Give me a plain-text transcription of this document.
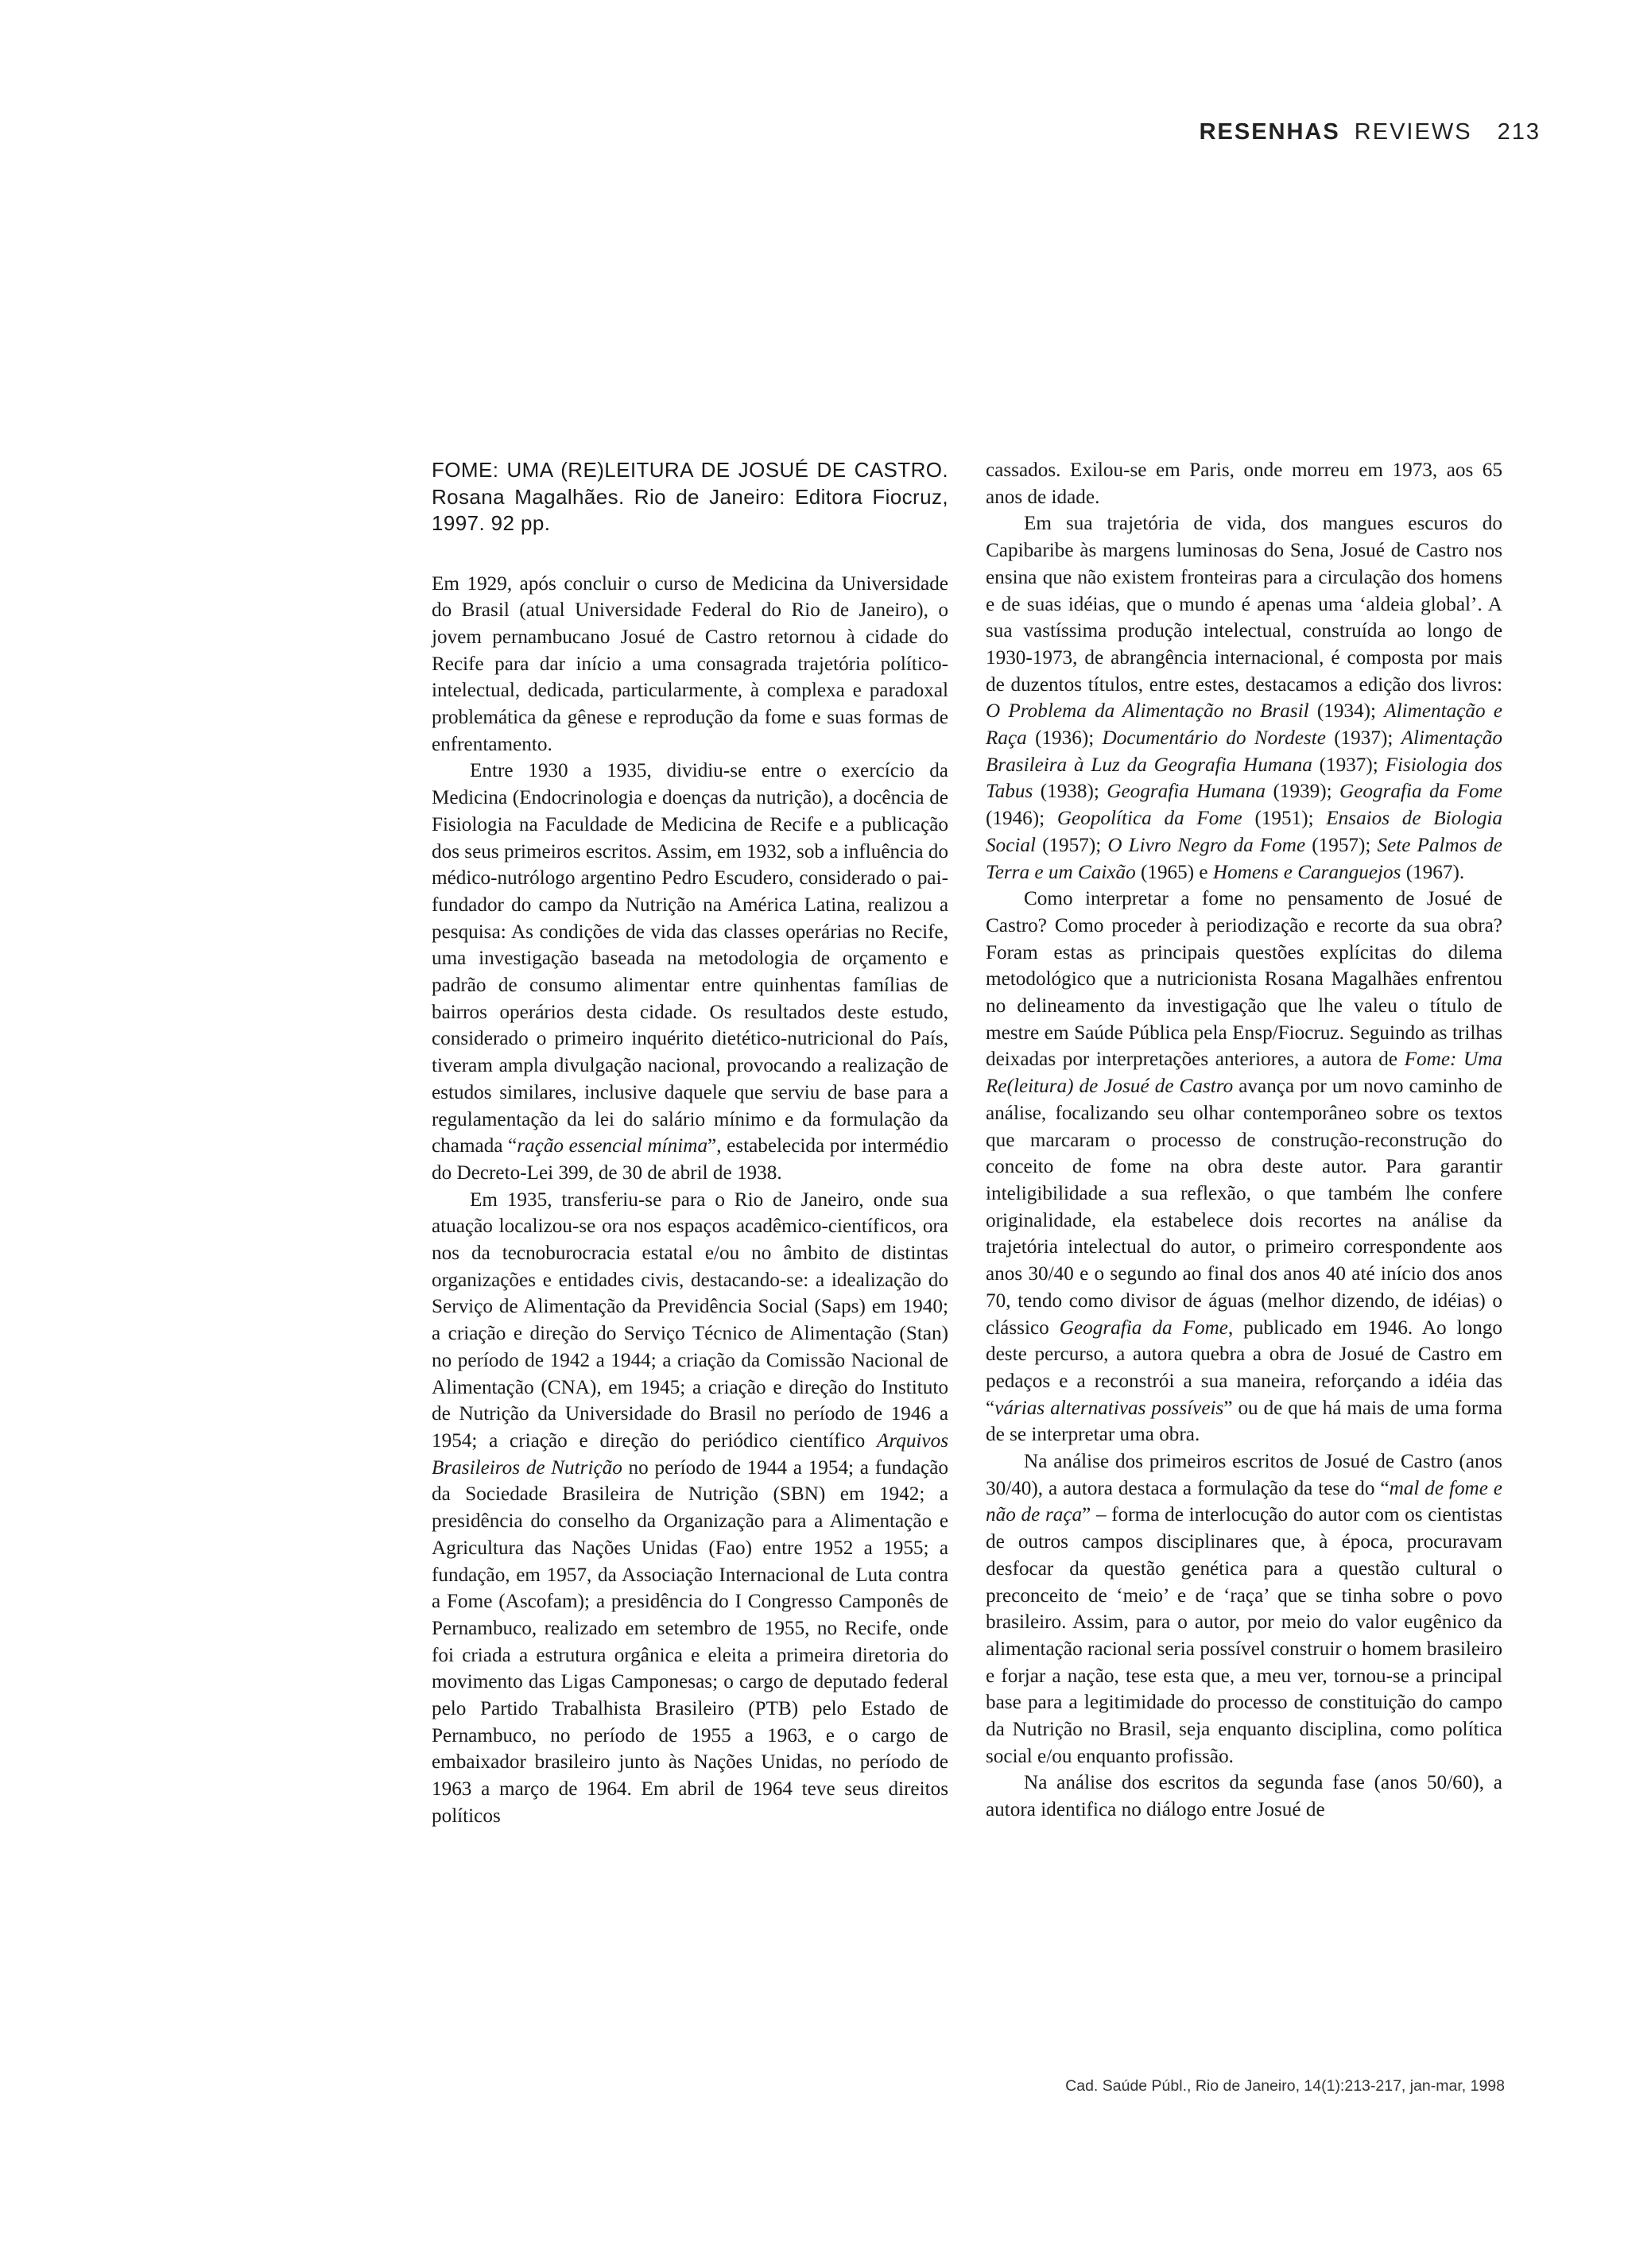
RESENHAS REVIEWS 213
FOME: UMA (RE)LEITURA DE JOSUÉ DE CASTRO. Rosana Magalhães. Rio de Janeiro: Editora Fiocruz, 1997. 92 pp.

Em 1929, após concluir o curso de Medicina da Universidade do Brasil (atual Universidade Federal do Rio de Janeiro), o jovem pernambucano Josué de Castro retornou à cidade do Recife para dar início a uma consagrada trajetória político-intelectual, dedicada, particularmente, à complexa e paradoxal problemática da gênese e reprodução da fome e suas formas de enfrentamento.

Entre 1930 a 1935, dividiu-se entre o exercício da Medicina (Endocrinologia e doenças da nutrição), a docência de Fisiologia na Faculdade de Medicina de Recife e a publicação dos seus primeiros escritos. Assim, em 1932, sob a influência do médico-nutrólogo argentino Pedro Escudero, considerado o pai-fundador do campo da Nutrição na América Latina, realizou a pesquisa: As condições de vida das classes operárias no Recife, uma investigação baseada na metodologia de orçamento e padrão de consumo alimentar entre quinhentas famílias de bairros operários desta cidade. Os resultados deste estudo, considerado o primeiro inquérito dietético-nutricional do País, tiveram ampla divulgação nacional, provocando a realização de estudos similares, inclusive daquele que serviu de base para a regulamentação da lei do salário mínimo e da formulação da chamada “ração essencial mínima”, estabelecida por intermédio do Decreto-Lei 399, de 30 de abril de 1938.

Em 1935, transferiu-se para o Rio de Janeiro, onde sua atuação localizou-se ora nos espaços acadêmico-científicos, ora nos da tecnoburocracia estatal e/ou no âmbito de distintas organizações e entidades civis, destacando-se: a idealização do Serviço de Alimentação da Previdência Social (Saps) em 1940; a criação e direção do Serviço Técnico de Alimentação (Stan) no período de 1942 a 1944; a criação da Comissão Nacional de Alimentação (CNA), em 1945; a criação e direção do Instituto de Nutrição da Universidade do Brasil no período de 1946 a 1954; a criação e direção do periódico científico Arquivos Brasileiros de Nutrição no período de 1944 a 1954; a fundação da Sociedade Brasileira de Nutrição (SBN) em 1942; a presidência do conselho da Organização para a Alimentação e Agricultura das Nações Unidas (Fao) entre 1952 a 1955; a fundação, em 1957, da Associação Internacional de Luta contra a Fome (Ascofam); a presidência do I Congresso Camponês de Pernambuco, realizado em setembro de 1955, no Recife, onde foi criada a estrutura orgânica e eleita a primeira diretoria do movimento das Ligas Camponesas; o cargo de deputado federal pelo Partido Trabalhista Brasileiro (PTB) pelo Estado de Pernambuco, no período de 1955 a 1963, e o cargo de embaixador brasileiro junto às Nações Unidas, no período de 1963 a março de 1964. Em abril de 1964 teve seus direitos políticos

cassados. Exilou-se em Paris, onde morreu em 1973, aos 65 anos de idade.

Em sua trajetória de vida, dos mangues escuros do Capibaribe às margens luminosas do Sena, Josué de Castro nos ensina que não existem fronteiras para a circulação dos homens e de suas idéias, que o mundo é apenas uma ‘aldeia global’. A sua vastíssima produção intelectual, construída ao longo de 1930-1973, de abrangência internacional, é composta por mais de duzentos títulos, entre estes, destacamos a edição dos livros: O Problema da Alimentação no Brasil (1934); Alimentação e Raça (1936); Documentário do Nordeste (1937); Alimentação Brasileira à Luz da Geografia Humana (1937); Fisiologia dos Tabus (1938); Geografia Humana (1939); Geografia da Fome (1946); Geopolítica da Fome (1951); Ensaios de Biologia Social (1957); O Livro Negro da Fome (1957); Sete Palmos de Terra e um Caixão (1965) e Homens e Caranguejos (1967).

Como interpretar a fome no pensamento de Josué de Castro? Como proceder à periodização e recorte da sua obra? Foram estas as principais questões explícitas do dilema metodológico que a nutricionista Rosana Magalhães enfrentou no delineamento da investigação que lhe valeu o título de mestre em Saúde Pública pela Ensp/Fiocruz. Seguindo as trilhas deixadas por interpretações anteriores, a autora de Fome: Uma Re(leitura) de Josué de Castro avança por um novo caminho de análise, focalizando seu olhar contemporâneo sobre os textos que marcaram o processo de construção-reconstrução do conceito de fome na obra deste autor. Para garantir inteligibilidade a sua reflexão, o que também lhe confere originalidade, ela estabelece dois recortes na análise da trajetória intelectual do autor, o primeiro correspondente aos anos 30/40 e o segundo ao final dos anos 40 até início dos anos 70, tendo como divisor de águas (melhor dizendo, de idéias) o clássico Geografia da Fome, publicado em 1946. Ao longo deste percurso, a autora quebra a obra de Josué de Castro em pedaços e a reconstrói a sua maneira, reforçando a idéia das “várias alternativas possíveis” ou de que há mais de uma forma de se interpretar uma obra.

Na análise dos primeiros escritos de Josué de Castro (anos 30/40), a autora destaca a formulação da tese do “mal de fome e não de raça” – forma de interlocução do autor com os cientistas de outros campos disciplinares que, à época, procuravam desfocar da questão genética para a questão cultural o preconceito de ‘meio’ e de ‘raça’ que se tinha sobre o povo brasileiro. Assim, para o autor, por meio do valor eugênico da alimentação racional seria possível construir o homem brasileiro e forjar a nação, tese esta que, a meu ver, tornou-se a principal base para a legitimidade do processo de constituição do campo da Nutrição no Brasil, seja enquanto disciplina, como política social e/ou enquanto profissão.

Na análise dos escritos da segunda fase (anos 50/60), a autora identifica no diálogo entre Josué de

Cad. Saúde Públ., Rio de Janeiro, 14(1):213-217, jan-mar, 1998
